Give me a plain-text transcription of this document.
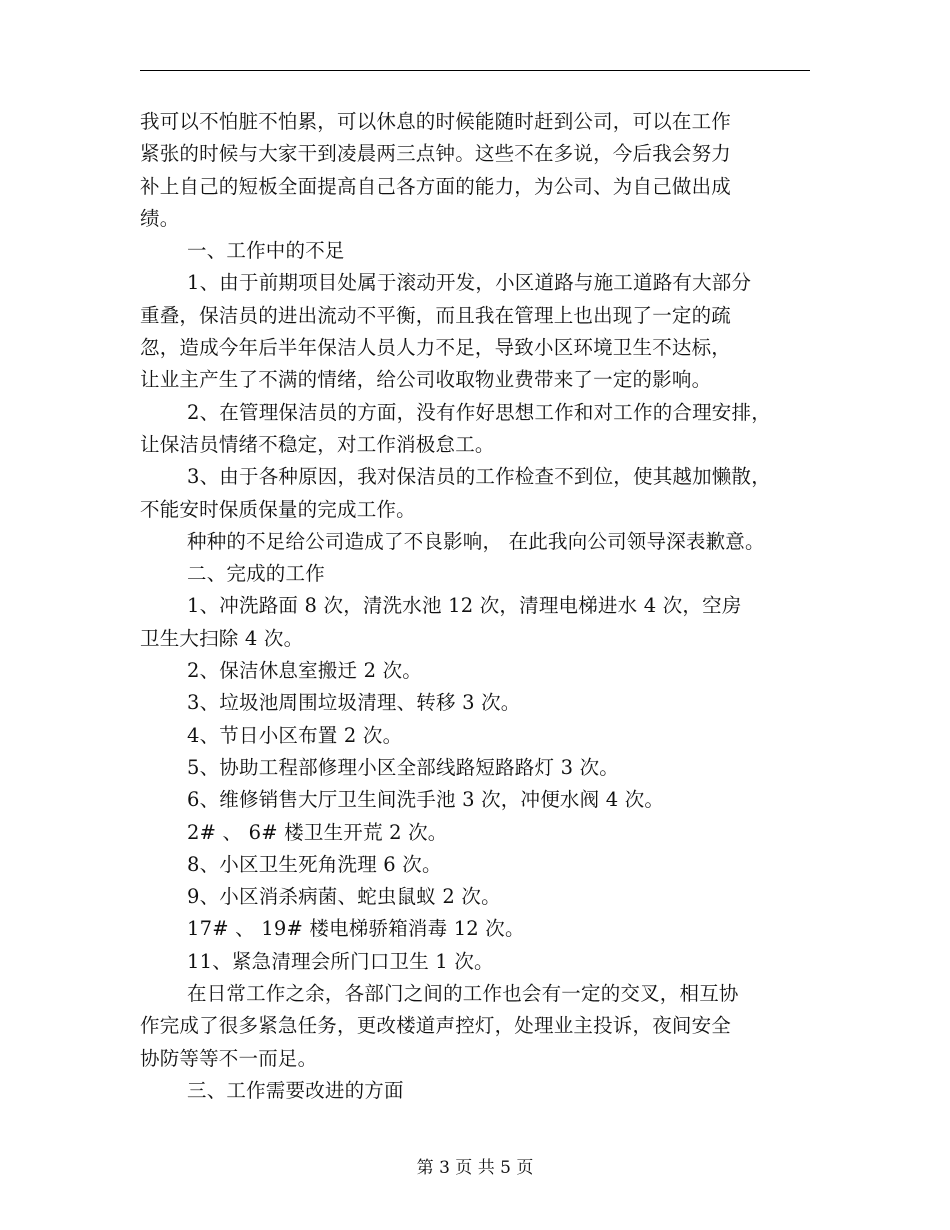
我可以不怕脏不怕累，可以休息的时候能随时赶到公司，可以在工作
紧张的时候与大家干到凌晨两三点钟。这些不在多说，今后我会努力
补上自己的短板全面提高自己各方面的能力，为公司、为自己做出成
绩。
一、工作中的不足
1、由于前期项目处属于滚动开发，小区道路与施工道路有大部分
重叠，保洁员的进出流动不平衡，而且我在管理上也出现了一定的疏
忽，造成今年后半年保洁人员人力不足，导致小区环境卫生不达标，
让业主产生了不满的情绪，给公司收取物业费带来了一定的影响。
2、在管理保洁员的方面，没有作好思想工作和对工作的合理安排，
让保洁员情绪不稳定，对工作消极怠工。
3、由于各种原因，我对保洁员的工作检查不到位，使其越加懒散，
不能安时保质保量的完成工作。
种种的不足给公司造成了不良影响， 在此我向公司领导深表歉意。
二、完成的工作
1、冲洗路面 8 次，清洗水池 12 次，清理电梯进水 4 次，空房
卫生大扫除 4 次。
2、保洁休息室搬迁 2 次。
3、垃圾池周围垃圾清理、转移 3 次。
4、节日小区布置 2 次。
5、协助工程部修理小区全部线路短路路灯 3 次。
6、维修销售大厅卫生间洗手池 3 次，冲便水阀 4 次。
2# 、 6# 楼卫生开荒 2 次。
8、小区卫生死角洗理 6 次。
9、小区消杀病菌、蛇虫鼠蚁 2 次。
17# 、 19# 楼电梯骄箱消毒 12 次。
11、紧急清理会所门口卫生 1 次。
在日常工作之余，各部门之间的工作也会有一定的交叉，相互协
作完成了很多紧急任务，更改楼道声控灯，处理业主投诉，夜间安全
协防等等不一而足。
三、工作需要改进的方面
第 3 页 共 5 页
